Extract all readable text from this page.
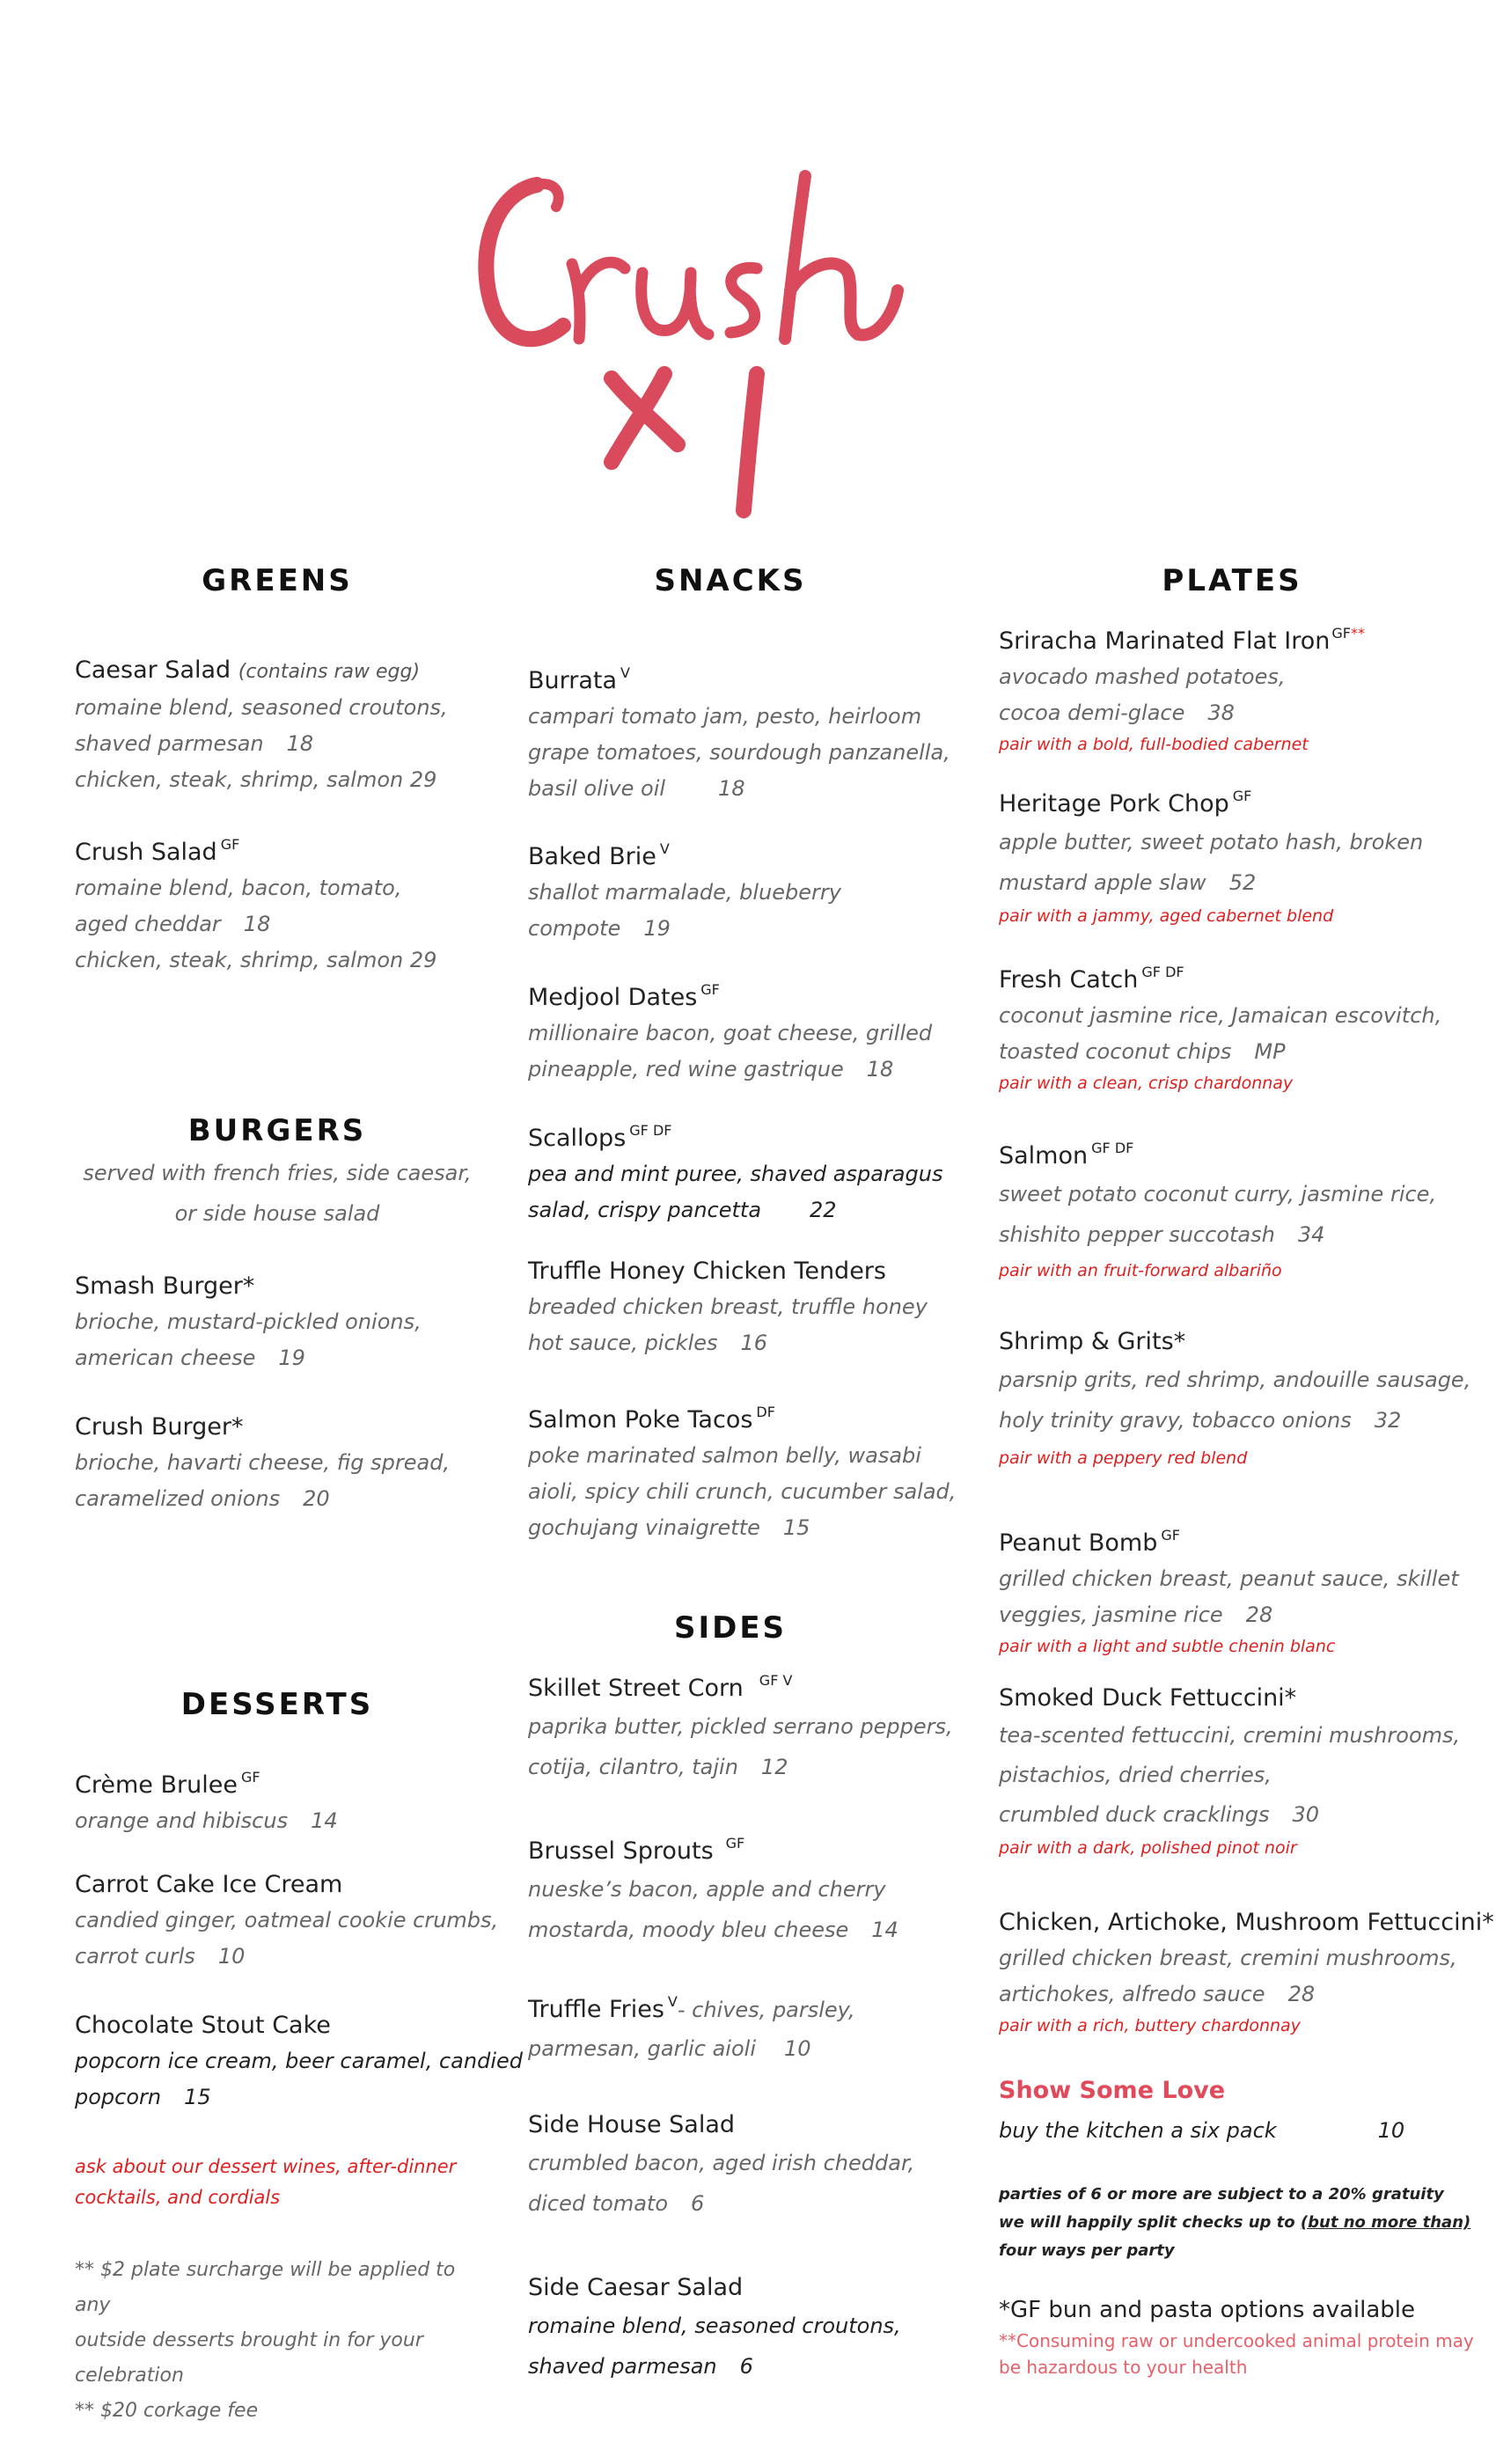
GREENS
Caesar Salad (contains raw egg)
romaine blend, seasoned croutons,
shaved parmesan 18
chicken, steak, shrimp, salmon 29
Crush Salad $^{GF}$
romaine blend, bacon, tomato,
aged cheddar 18
chicken, steak, shrimp, salmon 29
BURGERS
served with french fries, side caesar,
or side house salad
Smash Burger*
brioche, mustard-pickled onions,
american cheese 19
Crush Burger*
brioche, havarti cheese, fig spread,
caramelized onions 20
DESSERTS
Crème Brulee $^{GF}$
orange and hibiscus 14
Carrot Cake Ice Cream
candied ginger, oatmeal cookie crumbs,
carrot curls 10
Chocolate Stout Cake
popcorn ice cream, beer caramel, candied
popcorn 15
ask about our dessert wines, after-dinner
cocktails, and cordials
** $2 plate surcharge will be applied to any
outside desserts brought in for your
celebration
** $20 corkage fee
SNACKS
Burrata $^V$
campari tomato jam, pesto, heirloom
grape tomatoes, sourdough panzanella,
basil olive oil	18
Baked Brie $^V$
shallot marmalade, blueberry
compote 19
Medjool Dates $^{GF}$
millionaire bacon, goat cheese, grilled
pineapple, red wine gastrique 18
Scallops $^{GF DF}$
pea and mint puree, shaved asparagus
salad, crispy pancetta 22
Truffle Honey Chicken Tenders
breaded chicken breast, truffle honey
hot sauce, pickles 16
Salmon Poke Tacos $^{DF}$
poke marinated salmon belly, wasabi
aioli, spicy chili crunch, cucumber salad,
gochujang vinaigrette 15
SIDES
Skillet Street Corn $^{GF V}$
paprika butter, pickled serrano peppers,
cotija, cilantro, tajin 12
Brussel Sprouts $^{GF}$
nueske’s bacon, apple and cherry
mostarda, moody bleu cheese 14
Truffle Fries $^V$- chives, parsley,
parmesan, garlic aioli 10
Side House Salad
crumbled bacon, aged irish cheddar,
diced tomato 6
Side Caesar Salad
romaine blend, seasoned croutons,
shaved parmesan 6
PLATES
Sriracha Marinated Flat Iron $^{GF**}$
avocado mashed potatoes,
cocoa demi-glace 38
pair with a bold, full-bodied cabernet
Heritage Pork Chop $^{GF}$
apple butter, sweet potato hash, broken
mustard apple slaw 52
pair with a jammy, aged cabernet blend
Fresh Catch $^{GF DF}$
coconut jasmine rice, Jamaican escovitch,
toasted coconut chips MP
pair with a clean, crisp chardonnay
Salmon $^{GF DF}$
sweet potato coconut curry, jasmine rice,
shishito pepper succotash 34
pair with an fruit-forward albariño
Shrimp & Grits*
parsnip grits, red shrimp, andouille sausage,
holy trinity gravy, tobacco onions 32
pair with a peppery red blend
Peanut Bomb $^{GF}$
grilled chicken breast, peanut sauce, skillet
veggies, jasmine rice 28
pair with a light and subtle chenin blanc
Smoked Duck Fettuccini*
tea-scented fettuccini, cremini mushrooms,
pistachios, dried cherries,
crumbled duck cracklings 30
pair with a dark, polished pinot noir
Chicken, Artichoke, Mushroom Fettuccini*
grilled chicken breast, cremini mushrooms,
artichokes, alfredo sauce 28
pair with a rich, buttery chardonnay
Show Some Love
buy the kitchen a six pack	10
parties of 6 or more are subject to a 20% gratuity
we will happily split checks up to (but no more than)
four ways per party
*GF bun and pasta options available
**Consuming raw or undercooked animal protein may
be hazardous to your health
